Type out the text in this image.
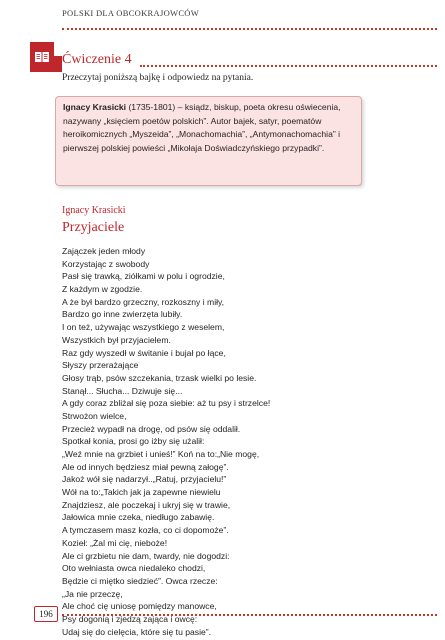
POLSKI DLA OBCOKRAJOWCÓW
Ćwiczenie 4
Przeczytaj poniższą bajkę i odpowiedz na pytania.
Ignacy Krasicki (1735-1801) – ksiądz, biskup, poeta okresu oświecenia, nazywany „księciem poetów polskich”. Autor bajek, satyr, poematów heroikomicznych „Myszeida”, „Monachomachia”, „Antymonachomachia” i pierwszej polskiej powieści „Mikołaja Doświadczyńskiego przypadki”.
Ignacy Krasicki
Przyjaciele
Zajączek jeden młody
Korzystając z swobody
Pasł się trawką, ziółkami w polu i ogrodzie,
Z każdym w zgodzie.
A że był bardzo grzeczny, rozkoszny i miły,
Bardzo go inne zwierzęta lubiły.
I on też, używając wszystkiego z weselem,
Wszystkich był przyjacielem.
Raz gdy wyszedł w świtanie i bujał po łące,
Słyszy przerażające
Głosy trąb, psów szczekania, trzask wielki po lesie.
Stanął... Słucha... Dziwuje się...
A gdy coraz zbliżał się poza siebie: aż tu psy i strzelce!
Strwożon wielce,
Przecież wypadł na drogę, od psów się oddalił.
Spotkał konia, prosi go iżby się użalił:
„Weź mnie na grzbiet i unieś!” Koń na to:„Nie mogę,
Ale od innych będziesz miał pewną załogę”.
Jakoż wół się nadarzył..„Ratuj, przyjacielu!”
Wół na to:„Takich jak ja zapewne niewielu
Znajdziesz, ale poczekaj i ukryj się w trawie,
Jałowica mnie czeka, niedługo zabawię.
A tymczasem masz kozła, co ci dopomoże”.
Kozieł: „Żal mi cię, nieboże!
Ale ci grzbietu nie dam, twardy, nie dogodzi:
Oto wełniasta owca niedaleko chodzi,
Będzie ci miętko siedzieć”. Owca rzecze:
„Ja nie przeczę,
Ale choć cię uniosę pomiędzy manowce,
Psy dogonią i zjedzą zająca i owcę:
Udaj się do cielęcia, które się tu pasie”.
196
